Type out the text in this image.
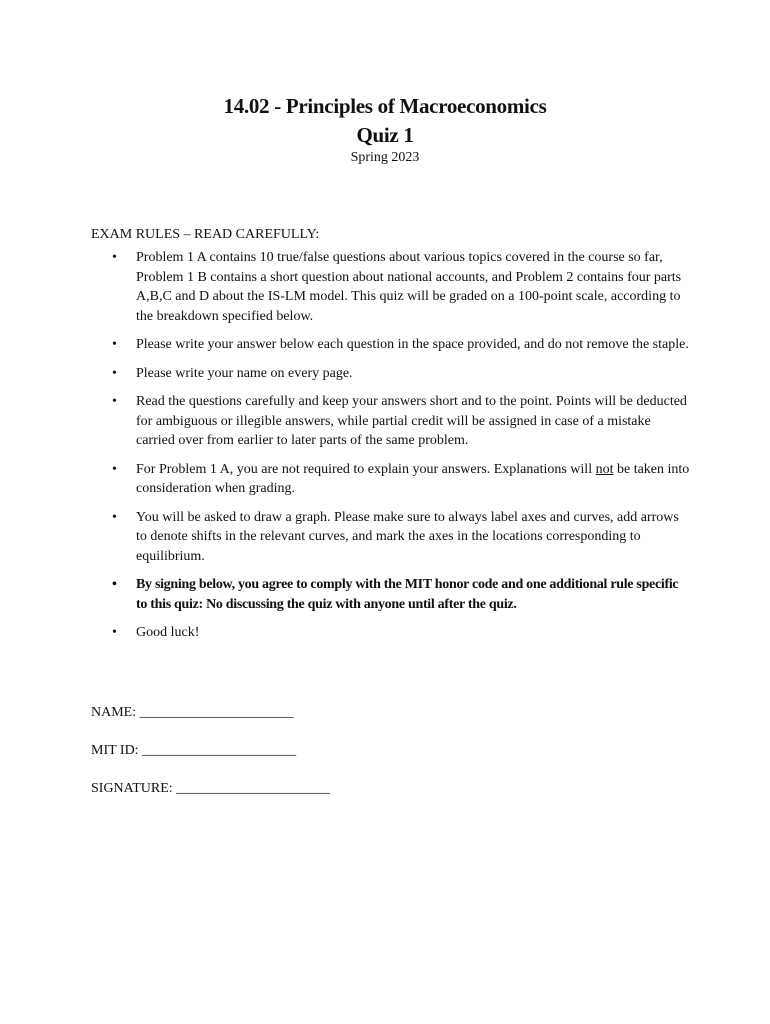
14.02 - Principles of Macroeconomics
Quiz 1
Spring 2023
EXAM RULES – READ CAREFULLY:
• Problem 1 A contains 10 true/false questions about various topics covered in the course so far, Problem 1 B contains a short question about national accounts, and Problem 2 contains four parts A,B,C and D about the IS-LM model. This quiz will be graded on a 100-point scale, according to the breakdown specified below.
• Please write your answer below each question in the space provided, and do not remove the staple.
• Please write your name on every page.
• Read the questions carefully and keep your answers short and to the point. Points will be deducted for ambiguous or illegible answers, while partial credit will be assigned in case of a mistake carried over from earlier to later parts of the same problem.
• For Problem 1 A, you are not required to explain your answers. Explanations will not be taken into consideration when grading.
• You will be asked to draw a graph. Please make sure to always label axes and curves, add arrows to denote shifts in the relevant curves, and mark the axes in the locations corresponding to equilibrium.
• By signing below, you agree to comply with the MIT honor code and one additional rule specific to this quiz: No discussing the quiz with anyone until after the quiz.
• Good luck!
NAME: ______________________
MIT ID: ______________________
SIGNATURE: ______________________
